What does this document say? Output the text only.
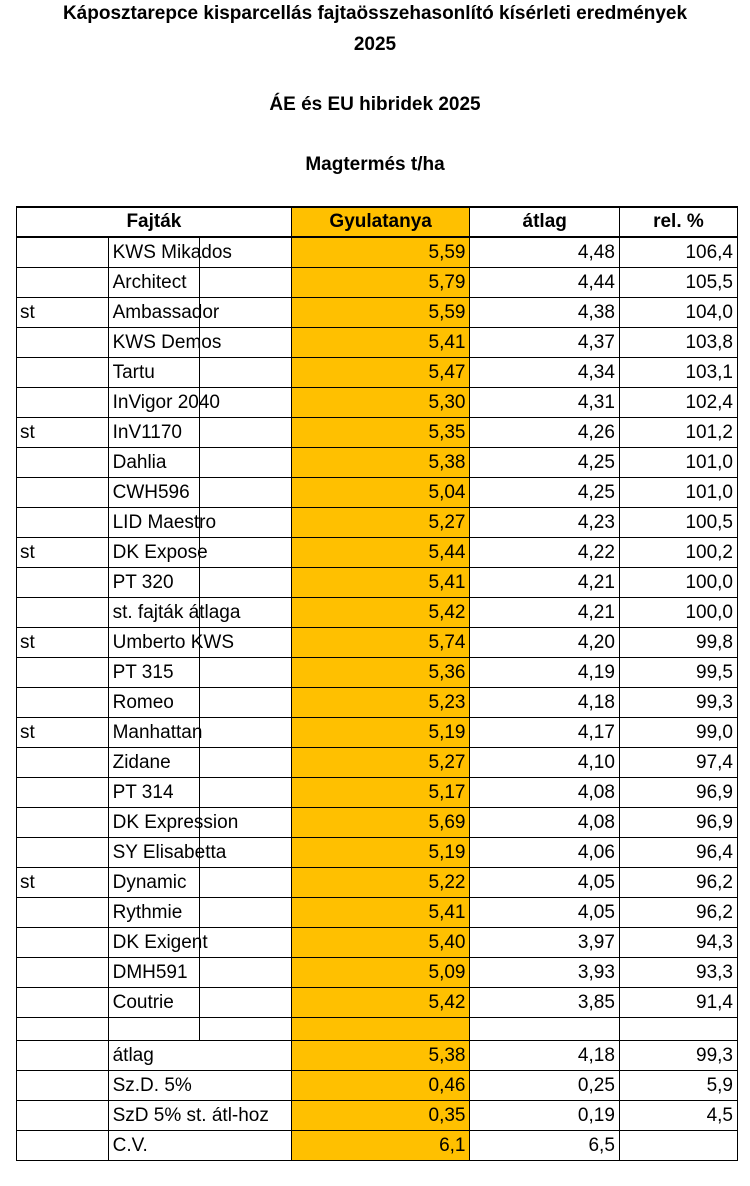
Káposztarepce kisparcellás fajtaösszehasonlító kísérleti eredmények
2025
ÁE és EU hibridek 2025
Magtermés t/ha
Fajták			Gyulatanya	átlag	rel. %
	KWS Mikados		5,59	4,48	106,4
	Architect		5,79	4,44	105,5
st	Ambassador		5,59	4,38	104,0
	KWS Demos		5,41	4,37	103,8
	Tartu		5,47	4,34	103,1
	InVigor 2040		5,30	4,31	102,4
st	InV1170		5,35	4,26	101,2
	Dahlia		5,38	4,25	101,0
	CWH596		5,04	4,25	101,0
	LID Maestro		5,27	4,23	100,5
st	DK Expose		5,44	4,22	100,2
	PT 320		5,41	4,21	100,0
	st. fajták átlaga		5,42	4,21	100,0
st	Umberto KWS		5,74	4,20	99,8
	PT 315		5,36	4,19	99,5
	Romeo		5,23	4,18	99,3
st	Manhattan		5,19	4,17	99,0
	Zidane		5,27	4,10	97,4
	PT 314		5,17	4,08	96,9
	DK Expression		5,69	4,08	96,9
	SY Elisabetta		5,19	4,06	96,4
st	Dynamic		5,22	4,05	96,2
	Rythmie		5,41	4,05	96,2
	DK Exigent		5,40	3,97	94,3
	DMH591		5,09	3,93	93,3
	Coutrie		5,42	3,85	91,4

	átlag		5,38	4,18	99,3
	Sz.D. 5%		0,46	0,25	5,9
	SzD 5% st. átl-hoz		0,35	0,19	4,5
	C.V.		6,1	6,5	
